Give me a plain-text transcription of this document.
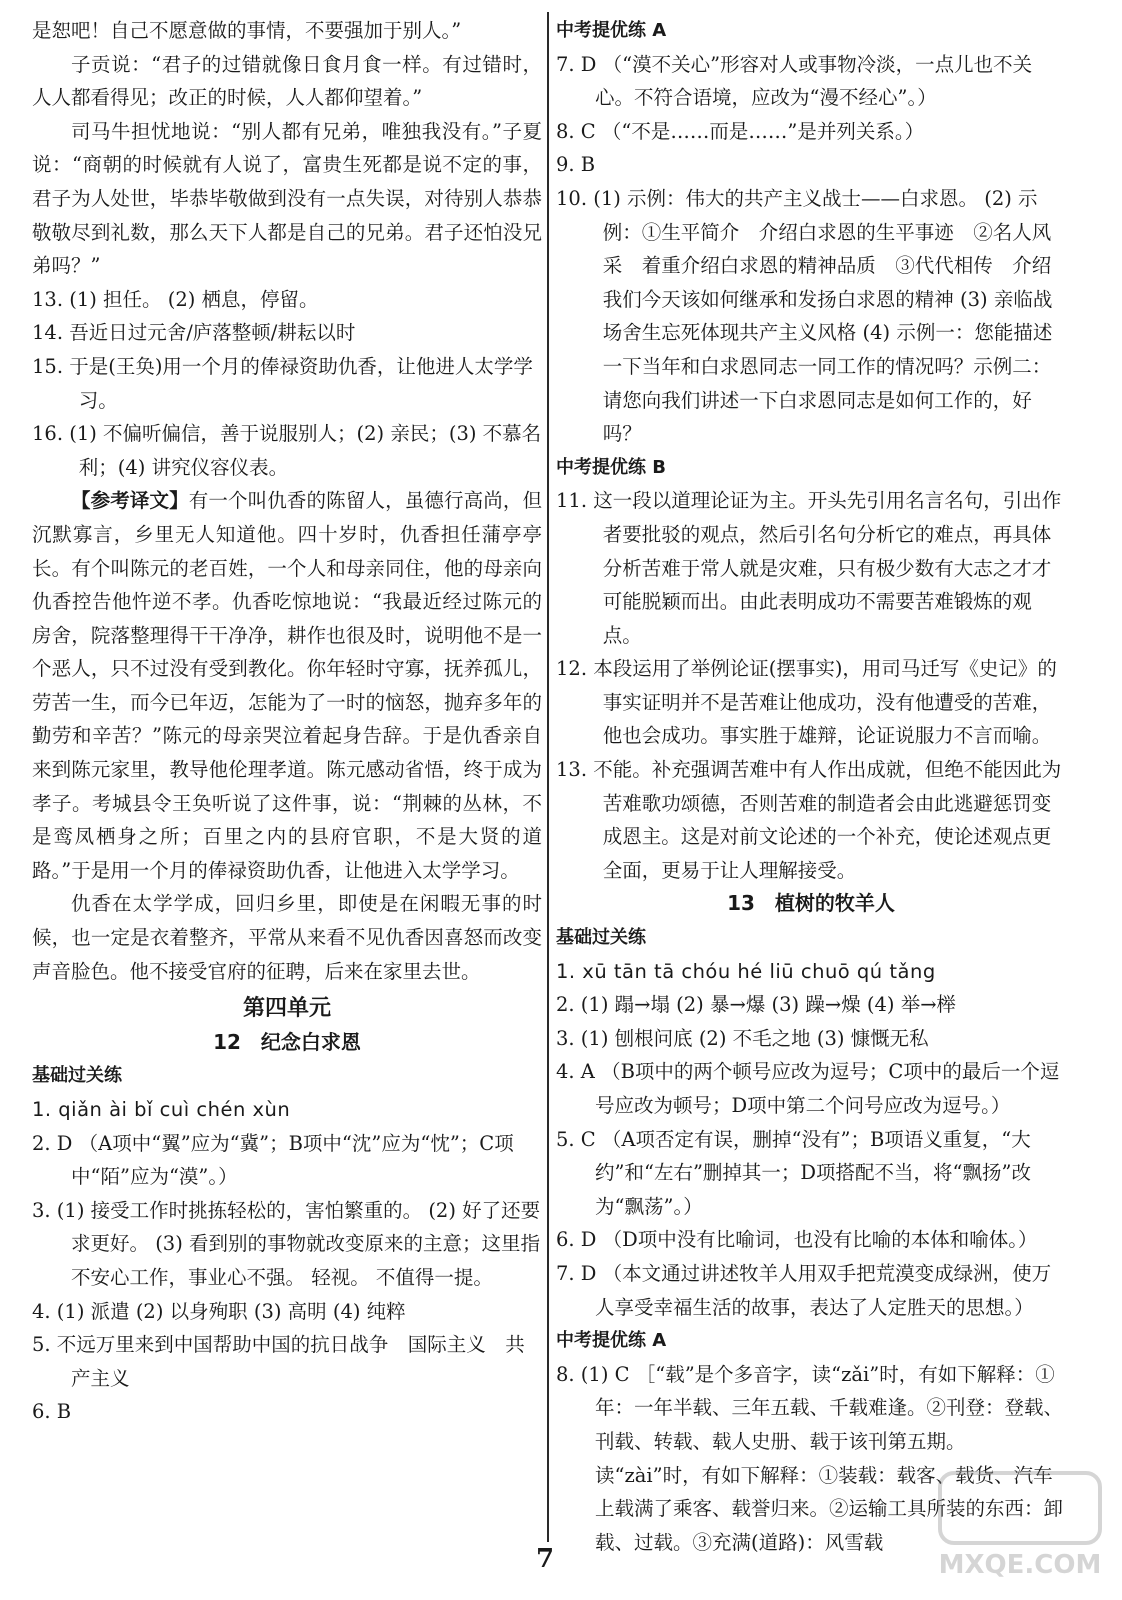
是恕吧！自己不愿意做的事情，不要强加于别人。”

子贡说：“君子的过错就像日食月食一样。有过错时，人人都看得见；改正的时候，人人都仰望着。”

司马牛担忧地说：“别人都有兄弟，唯独我没有。”子夏说：“商朝的时候就有人说了，富贵生死都是说不定的事，君子为人处世，毕恭毕敬做到没有一点失误，对待别人恭恭敬敬尽到礼数，那么天下人都是自己的兄弟。君子还怕没兄弟吗？”

13. (1) 担任。 (2) 栖息，停留。

14. 吾近日过元舍/庐落整顿/耕耘以时

15. 于是(王奂)用一个月的俸禄资助仇香，让他进人太学学习。

16. (1) 不偏听偏信，善于说服别人；(2) 亲民；(3) 不慕名利；(4) 讲究仪容仪表。

【参考译文】有一个叫仇香的陈留人，虽德行高尚，但沉默寡言，乡里无人知道他。四十岁时，仇香担任蒲亭亭长。有个叫陈元的老百姓，一个人和母亲同住，他的母亲向仇香控告他忤逆不孝。仇香吃惊地说：“我最近经过陈元的房舍，院落整理得干干净净，耕作也很及时，说明他不是一个恶人，只不过没有受到教化。你年轻时守寡，抚养孤儿，劳苦一生，而今已年迈，怎能为了一时的恼怒，抛弃多年的勤劳和辛苦？”陈元的母亲哭泣着起身告辞。于是仇香亲自来到陈元家里，教导他伦理孝道。陈元感动省悟，终于成为孝子。考城县令王奂听说了这件事，说：“荆棘的丛林，不是鸾凤栖身之所；百里之内的县府官职，不是大贤的道路。”于是用一个月的俸禄资助仇香，让他进入太学学习。

仇香在太学学成，回归乡里，即使是在闲暇无事的时候，也一定是衣着整齐，平常从来看不见仇香因喜怒而改变声音脸色。他不接受官府的征聘，后来在家里去世。

第四单元

12　纪念白求恩

基础过关练

1. qiǎn ài bǐ cuì chén xùn

2. D （A项中“翼”应为“冀”；B项中“沈”应为“忱”；C项中“陌”应为“漠”。）

3. (1) 接受工作时挑拣轻松的，害怕繁重的。 (2) 好了还要求更好。 (3) 看到别的事物就改变原来的主意；这里指不安心工作，事业心不强。 轻视。 不值得一提。

4. (1) 派遣 (2) 以身殉职 (3) 高明 (4) 纯粹

5. 不远万里来到中国帮助中国的抗日战争　国际主义　共产主义

6. B

中考提优练 A

7. D （“漠不关心”形容对人或事物冷淡，一点儿也不关心。不符合语境，应改为“漫不经心”。）

8. C （“不是……而是……”是并列关系。）

9. B

10. (1) 示例：伟大的共产主义战士——白求恩。 (2) 示例：①生平简介　介绍白求恩的生平事迹　②名人风采　着重介绍白求恩的精神品质　③代代相传　介绍我们今天该如何继承和发扬白求恩的精神 (3) 亲临战场舍生忘死体现共产主义风格 (4) 示例一：您能描述一下当年和白求恩同志一同工作的情况吗？示例二：请您向我们讲述一下白求恩同志是如何工作的，好吗？

中考提优练 B

11. 这一段以道理论证为主。开头先引用名言名句，引出作者要批驳的观点，然后引名句分析它的难点，再具体分析苦难于常人就是灾难，只有极少数有大志之才才可能脱颖而出。由此表明成功不需要苦难锻炼的观点。

12. 本段运用了举例论证(摆事实)，用司马迁写《史记》的事实证明并不是苦难让他成功，没有他遭受的苦难，他也会成功。事实胜于雄辩，论证说服力不言而喻。

13. 不能。补充强调苦难中有人作出成就，但绝不能因此为苦难歌功颂德，否则苦难的制造者会由此逃避惩罚变成恩主。这是对前文论述的一个补充，使论述观点更全面，更易于让人理解接受。

13　植树的牧羊人

基础过关练

1. xū tān tā chóu hé liū chuō qú tǎng

2. (1) 蹋→塌 (2) 暴→爆 (3) 躁→燥 (4) 举→榉

3. (1) 刨根问底 (2) 不毛之地 (3) 慷慨无私

4. A （B项中的两个顿号应改为逗号；C项中的最后一个逗号应改为顿号；D项中第二个问号应改为逗号。）

5. C （A项否定有误，删掉“没有”；B项语义重复，“大约”和“左右”删掉其一；D项搭配不当，将“飘扬”改为“飘荡”。）

6. D （D项中没有比喻词，也没有比喻的本体和喻体。）

7. D （本文通过讲述牧羊人用双手把荒漠变成绿洲，使万人享受幸福生活的故事，表达了人定胜天的思想。）

中考提优练 A

8. (1) C ［“载”是个多音字，读“zǎi”时，有如下解释：①年：一年半载、三年五载、千载难逢。②刊登：登载、刊载、转载、载人史册、载于该刊第五期。读“zài”时，有如下解释：①装载：载客、载货、汽车上载满了乘客、载誉归来。②运输工具所装的东西：卸载、过载。③充满(道路)：风雪载

7	MXQE.COM
